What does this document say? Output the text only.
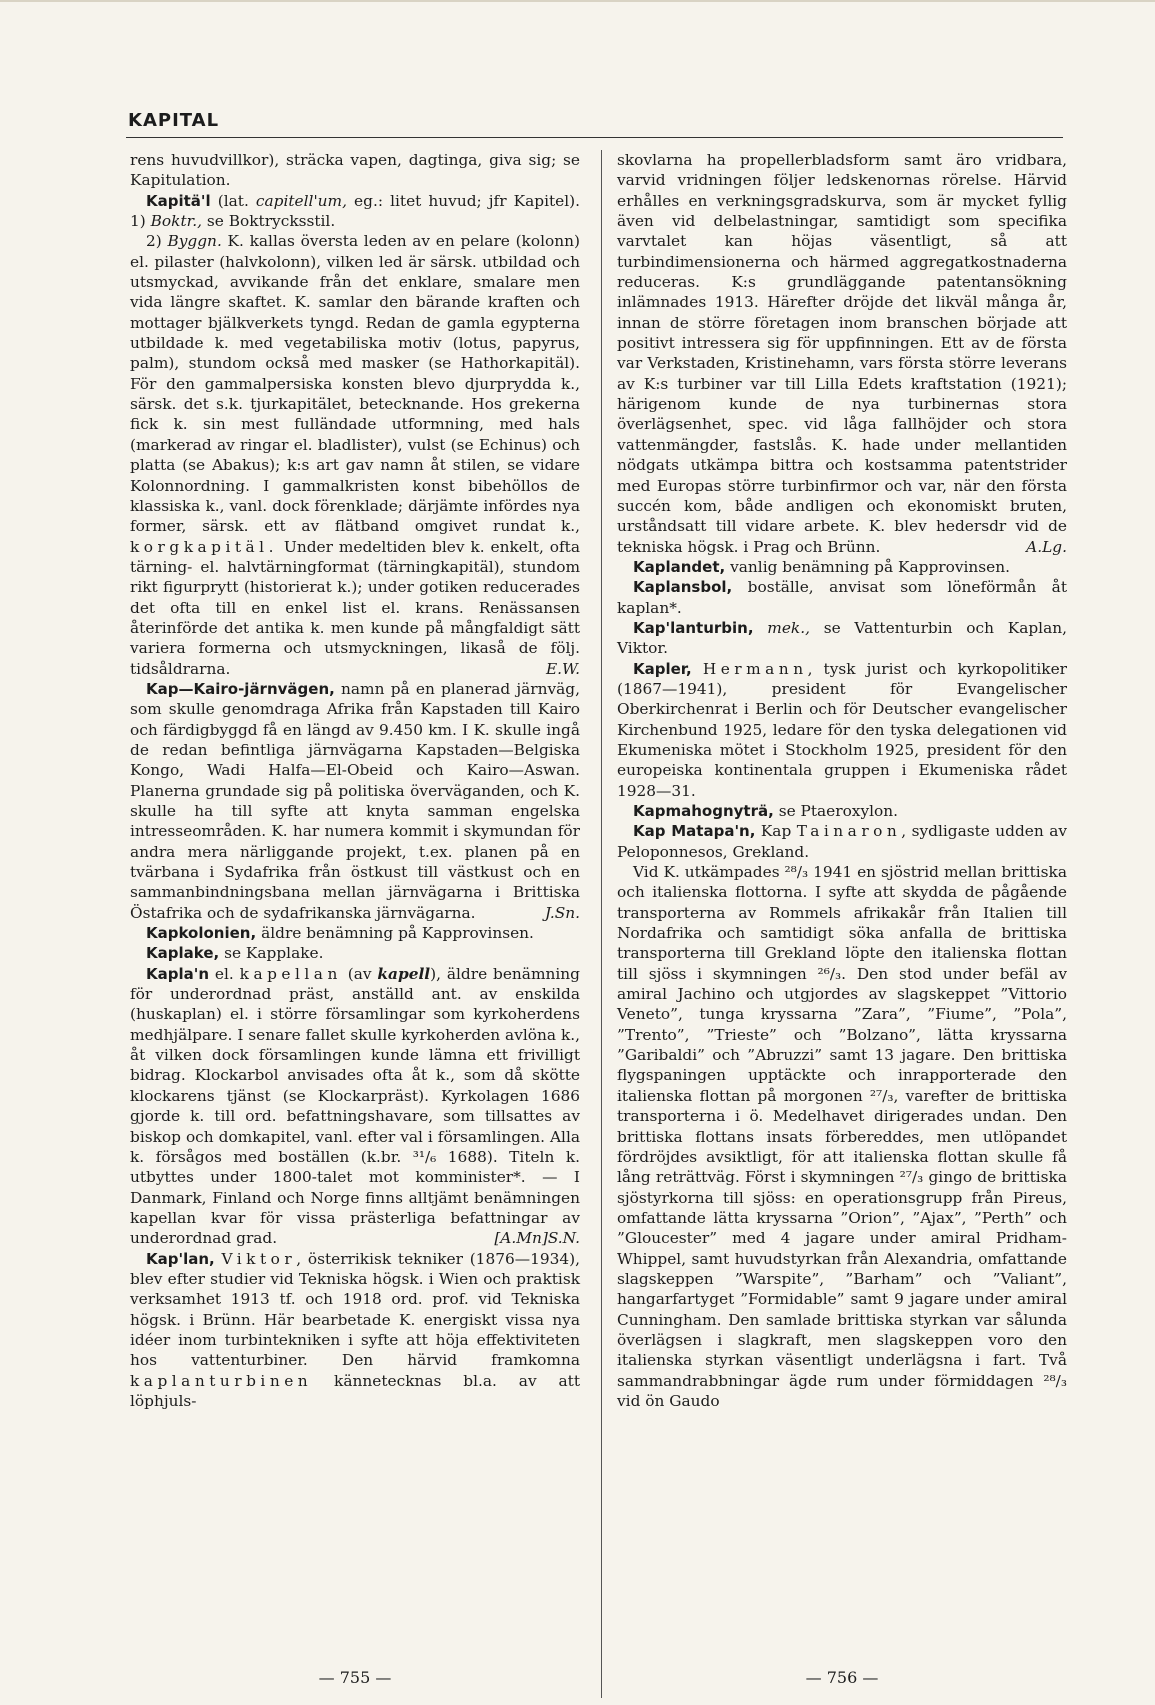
KAPITAL

rens huvudvillkor), sträcka vapen, dagtinga, giva sig; se Kapitulation.

Kapitä'l (lat. capitell'um, eg.: litet huvud; jfr Kapitel). 1) Boktr., se Boktrycksstil.

2) Byggn. K. kallas översta leden av en pelare (kolonn) el. pilaster (halvkolonn), vilken led är särsk. utbildad och utsmyckad, avvikande från det enklare, smalare men vida längre skaftet. K. samlar den bärande kraften och mottager bjälkverkets tyngd. Redan de gamla egypterna utbildade k. med vegetabiliska motiv (lotus, papyrus, palm), stundom också med masker (se Hathorkapitäl). För den gammalpersiska konsten blevo djurprydda k., särsk. det s.k. tjurkapitälet, betecknande. Hos grekerna fick k. sin mest fulländade utformning, med hals (markerad av ringar el. bladlister), vulst (se Echinus) och platta (se Abakus); k:s art gav namn åt stilen, se vidare Kolonnordning. I gammalkristen konst bibehöllos de klassiska k., vanl. dock förenklade; därjämte infördes nya former, särsk. ett av flätband omgivet rundat k., korgkapitäl. Under medeltiden blev k. enkelt, ofta tärning- el. halvtärningformat (tärningkapitäl), stundom rikt figurprytt (historierat k.); under gotiken reducerades det ofta till en enkel list el. krans. Renässansen återinförde det antika k. men kunde på mångfaldigt sätt variera formerna och utsmyckningen, likaså de följ. tidsåldrarna.	E.W.

Kap—Kairo-järnvägen, namn på en planerad järnväg, som skulle genomdraga Afrika från Kapstaden till Kairo och färdigbyggd få en längd av 9.450 km. I K. skulle ingå de redan befintliga järnvägarna Kapstaden—Belgiska Kongo, Wadi Halfa—El-Obeid och Kairo—Aswan. Planerna grundade sig på politiska överväganden, och K. skulle ha till syfte att knyta samman engelska intresseområden. K. har numera kommit i skymundan för andra mera närliggande projekt, t.ex. planen på en tvärbana i Sydafrika från östkust till västkust och en sammanbindningsbana mellan järnvägarna i Brittiska Östafrika och de sydafrikanska järnvägarna.	J.Sn.

Kapkolonien, äldre benämning på Kapprovinsen.

Kaplake, se Kapplake.

Kapla'n el. kapellan (av kapell), äldre benämning för underordnad präst, anställd ant. av enskilda (huskaplan) el. i större församlingar som kyrkoherdens medhjälpare. I senare fallet skulle kyrkoherden avlöna k., åt vilken dock församlingen kunde lämna ett frivilligt bidrag. Klockarbol anvisades ofta åt k., som då skötte klockarens tjänst (se Klockarpräst). Kyrkolagen 1686 gjorde k. till ord. befattningshavare, som tillsattes av biskop och domkapitel, vanl. efter val i församlingen. Alla k. försågos med boställen (k.br. ³¹/₆ 1688). Titeln k. utbyttes under 1800-talet mot komminister*. — I Danmark, Finland och Norge finns alltjämt benämningen kapellan kvar för vissa prästerliga befattningar av underordnad grad.	[A.Mn]S.N.

Kap'lan, Viktor, österrikisk tekniker (1876—1934), blev efter studier vid Tekniska högsk. i Wien och praktisk verksamhet 1913 tf. och 1918 ord. prof. vid Tekniska högsk. i Brünn. Här bearbetade K. energiskt vissa nya idéer inom turbintekniken i syfte att höja effektiviteten hos vattenturbiner. Den härvid framkomna kaplanturbinen kännetecknas bl.a. av att löphjuls-

skovlarna ha propellerbladsform samt äro vridbara, varvid vridningen följer ledskenornas rörelse. Härvid erhålles en verkningsgradskurva, som är mycket fyllig även vid delbelastningar, samtidigt som specifika varvtalet kan höjas väsentligt, så att turbindimensionerna och härmed aggregatkostnaderna reduceras. K:s grundläggande patentansökning inlämnades 1913. Härefter dröjde det likväl många år, innan de större företagen inom branschen började att positivt intressera sig för uppfinningen. Ett av de första var Verkstaden, Kristinehamn, vars första större leverans av K:s turbiner var till Lilla Edets kraftstation (1921); härigenom kunde de nya turbinernas stora överlägsenhet, spec. vid låga fallhöjder och stora vattenmängder, fastslås. K. hade under mellantiden nödgats utkämpa bittra och kostsamma patentstrider med Europas större turbinfirmor och var, när den första succén kom, både andligen och ekonomiskt bruten, urståndsatt till vidare arbete. K. blev hedersdr vid de tekniska högsk. i Prag och Brünn.	A.Lg.

Kaplandet, vanlig benämning på Kapprovinsen.

Kaplansbol, boställe, anvisat som löneförmån åt kaplan*.

Kap'lanturbin, mek., se Vattenturbin och Kaplan, Viktor.

Kapler, Hermann, tysk jurist och kyrkopolitiker (1867—1941), president för Evangelischer Oberkirchenrat i Berlin och för Deutscher evangelischer Kirchenbund 1925, ledare för den tyska delegationen vid Ekumeniska mötet i Stockholm 1925, president för den europeiska kontinentala gruppen i Ekumeniska rådet 1928—31.

Kapmahognyträ, se Ptaeroxylon.

Kap Matapa'n, Kap Tainaron, sydligaste udden av Peloponnesos, Grekland.

Vid K. utkämpades ²⁸/₃ 1941 en sjöstrid mellan brittiska och italienska flottorna. I syfte att skydda de pågående transporterna av Rommels afrikakår från Italien till Nordafrika och samtidigt söka anfalla de brittiska transporterna till Grekland löpte den italienska flottan till sjöss i skymningen ²⁶/₃. Den stod under befäl av amiral Jachino och utgjordes av slagskeppet ”Vittorio Veneto”, tunga kryssarna ”Zara”, ”Fiume”, ”Pola”, ”Trento”, ”Trieste” och ”Bolzano”, lätta kryssarna ”Garibaldi” och ”Abruzzi” samt 13 jagare. Den brittiska flygspaningen upptäckte och inrapporterade den italienska flottan på morgonen ²⁷/₃, varefter de brittiska transporterna i ö. Medelhavet dirigerades undan. Den brittiska flottans insats förbereddes, men utlöpandet fördröjdes avsiktligt, för att italienska flottan skulle få lång reträttväg. Först i skymningen ²⁷/₃ gingo de brittiska sjöstyrkorna till sjöss: en operationsgrupp från Pireus, omfattande lätta kryssarna ”Orion”, ”Ajax”, ”Perth” och ”Gloucester” med 4 jagare under amiral Pridham-Whippel, samt huvudstyrkan från Alexandria, omfattande slagskeppen ”Warspite”, ”Barham” och ”Valiant”, hangarfartyget ”Formidable” samt 9 jagare under amiral Cunningham. Den samlade brittiska styrkan var sålunda överlägsen i slagkraft, men slagskeppen voro den italienska styrkan väsentligt underlägsna i fart. Två sammandrabbningar ägde rum under förmiddagen ²⁸/₃ vid ön Gaudo

— 755 —	— 756 —
